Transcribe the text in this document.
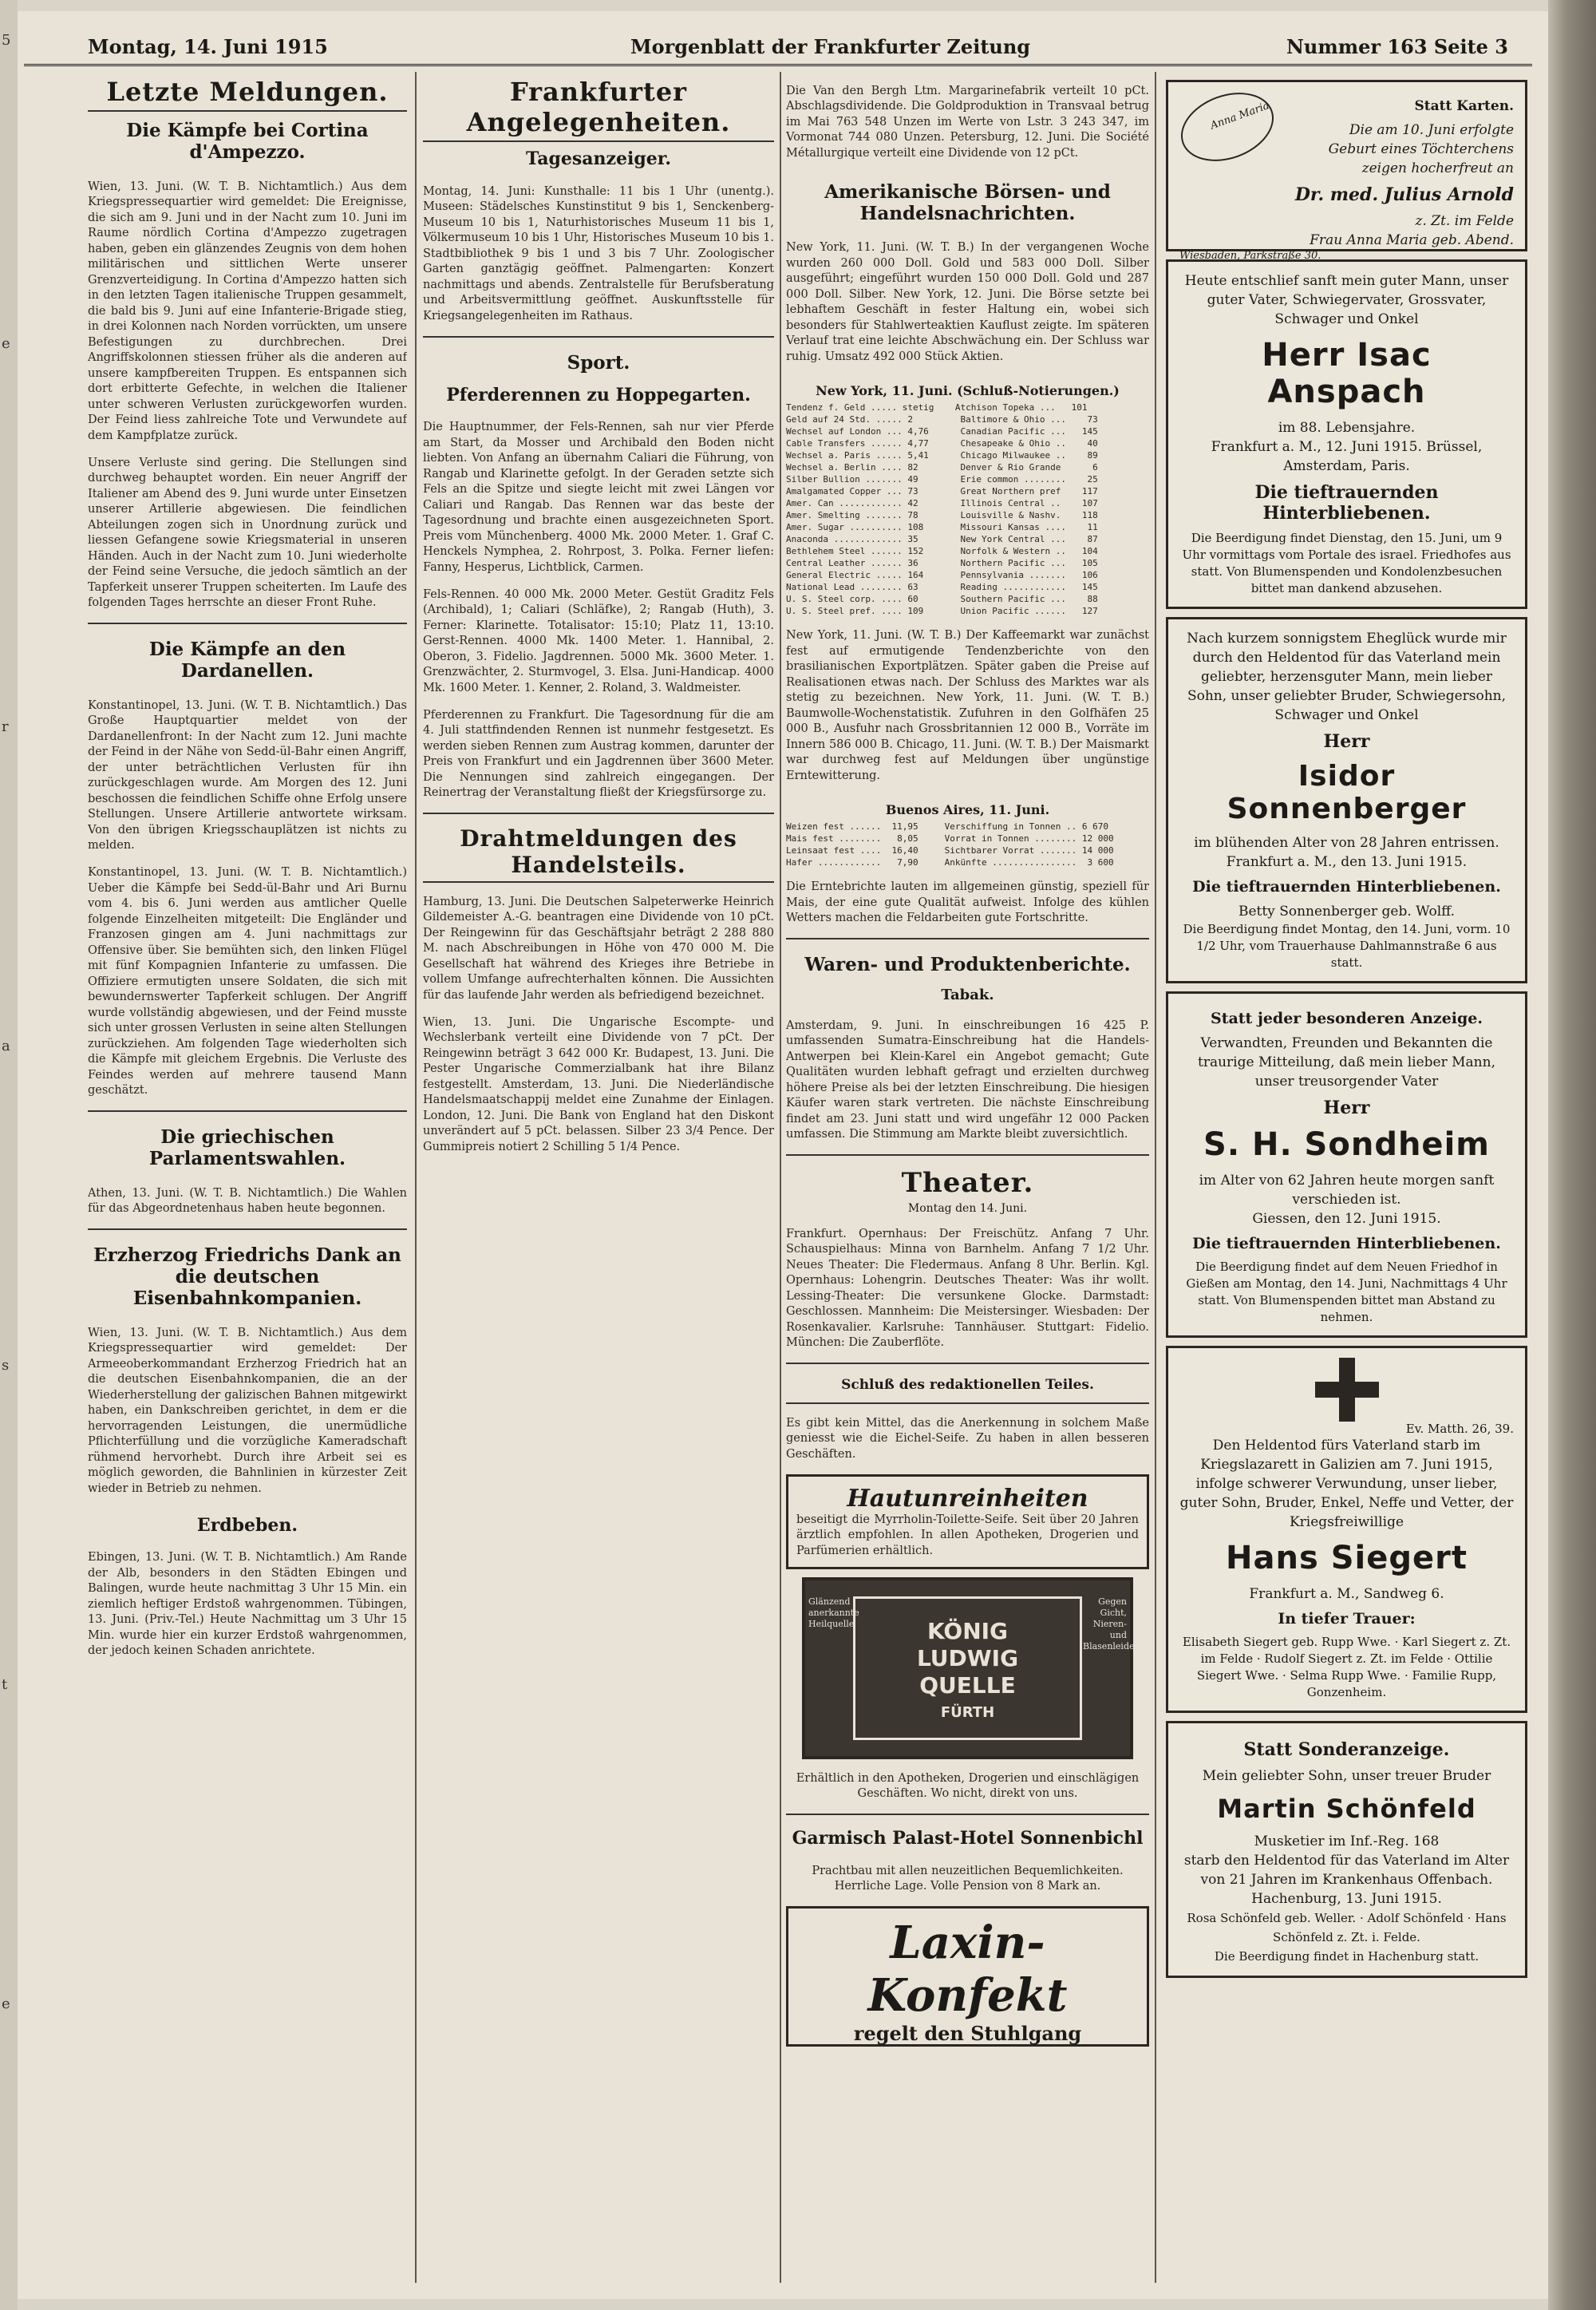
5
e
r
a
s
t
e
Montag, 14. Juni 1915	Morgenblatt der Frankfurter Zeitung	Nummer 163 Seite 3
Letzte Meldungen.
Die Kämpfe bei Cortina d'Ampezzo.

Wien, 13. Juni. (W. T. B. Nichtamtlich.) Aus dem Kriegspressequartier wird gemeldet: Die Ereignisse, die sich am 9. Juni und in der Nacht zum 10. Juni im Raume nördlich Cortina d'Ampezzo zugetragen haben, geben ein glänzendes Zeugnis von dem hohen militärischen und sittlichen Werte unserer Grenzverteidigung. In Cortina d'Ampezzo hatten sich in den letzten Tagen italienische Truppen gesammelt, die bald bis 9. Juni auf eine Infanterie-Brigade stieg, in drei Kolonnen nach Norden vorrückten, um unsere Befestigungen zu durchbrechen. Drei Angriffskolonnen stiessen früher als die anderen auf unsere kampfbereiten Truppen. Es entspannen sich dort erbitterte Gefechte, in welchen die Italiener unter schweren Verlusten zurückgeworfen wurden. Der Feind liess zahlreiche Tote und Verwundete auf dem Kampfplatze zurück.

Unsere Verluste sind gering. Die Stellungen sind durchweg behauptet worden. Ein neuer Angriff der Italiener am Abend des 9. Juni wurde unter Einsetzen unserer Artillerie abgewiesen. Die feindlichen Abteilungen zogen sich in Unordnung zurück und liessen Gefangene sowie Kriegsmaterial in unseren Händen. Auch in der Nacht zum 10. Juni wiederholte der Feind seine Versuche, die jedoch sämtlich an der Tapferkeit unserer Truppen scheiterten. Im Laufe des folgenden Tages herrschte an dieser Front Ruhe.

Die Kämpfe an den Dardanellen.

Konstantinopel, 13. Juni. (W. T. B. Nichtamtlich.) Das Große Hauptquartier meldet von der Dardanellenfront: In der Nacht zum 12. Juni machte der Feind in der Nähe von Sedd-ül-Bahr einen Angriff, der unter beträchtlichen Verlusten für ihn zurückgeschlagen wurde. Am Morgen des 12. Juni beschossen die feindlichen Schiffe ohne Erfolg unsere Stellungen. Unsere Artillerie antwortete wirksam. Von den übrigen Kriegsschauplätzen ist nichts zu melden.

Konstantinopel, 13. Juni. (W. T. B. Nichtamtlich.) Ueber die Kämpfe bei Sedd-ül-Bahr und Ari Burnu vom 4. bis 6. Juni werden aus amtlicher Quelle folgende Einzelheiten mitgeteilt: Die Engländer und Franzosen gingen am 4. Juni nachmittags zur Offensive über. Sie bemühten sich, den linken Flügel mit fünf Kompagnien Infanterie zu umfassen. Die Offiziere ermutigten unsere Soldaten, die sich mit bewundernswerter Tapferkeit schlugen. Der Angriff wurde vollständig abgewiesen, und der Feind musste sich unter grossen Verlusten in seine alten Stellungen zurückziehen. Am folgenden Tage wiederholten sich die Kämpfe mit gleichem Ergebnis. Die Verluste des Feindes werden auf mehrere tausend Mann geschätzt.

Die griechischen Parlamentswahlen.

Athen, 13. Juni. (W. T. B. Nichtamtlich.) Die Wahlen für das Abgeordnetenhaus haben heute begonnen.

Erzherzog Friedrichs Dank an die deutschen Eisenbahnkompanien.

Wien, 13. Juni. (W. T. B. Nichtamtlich.) Aus dem Kriegspressequartier wird gemeldet: Der Armeeoberkommandant Erzherzog Friedrich hat an die deutschen Eisenbahnkompanien, die an der Wiederherstellung der galizischen Bahnen mitgewirkt haben, ein Dankschreiben gerichtet, in dem er die hervorragenden Leistungen, die unermüdliche Pflichterfüllung und die vorzügliche Kameradschaft rühmend hervorhebt. Durch ihre Arbeit sei es möglich geworden, die Bahnlinien in kürzester Zeit wieder in Betrieb zu nehmen.

Erdbeben.

Ebingen, 13. Juni. (W. T. B. Nichtamtlich.) Am Rande der Alb, besonders in den Städten Ebingen und Balingen, wurde heute nachmittag 3 Uhr 15 Min. ein ziemlich heftiger Erdstoß wahrgenommen. Tübingen, 13. Juni. (Priv.-Tel.) Heute Nachmittag um 3 Uhr 15 Min. wurde hier ein kurzer Erdstoß wahrgenommen, der jedoch keinen Schaden anrichtete.

Frankfurter Angelegenheiten.
Tagesanzeiger.

Montag, 14. Juni: Kunsthalle: 11 bis 1 Uhr (unentg.). Museen: Städelsches Kunstinstitut 9 bis 1, Senckenberg-Museum 10 bis 1, Naturhistorisches Museum 11 bis 1, Völkermuseum 10 bis 1 Uhr, Historisches Museum 10 bis 1. Stadtbibliothek 9 bis 1 und 3 bis 7 Uhr. Zoologischer Garten ganztägig geöffnet. Palmengarten: Konzert nachmittags und abends. Zentralstelle für Berufsberatung und Arbeitsvermittlung geöffnet. Auskunftsstelle für Kriegsangelegenheiten im Rathaus.

Sport.
Pferderennen zu Hoppegarten.

Die Hauptnummer, der Fels-Rennen, sah nur vier Pferde am Start, da Mosser und Archibald den Boden nicht liebten. Von Anfang an übernahm Caliari die Führung, von Rangab und Klarinette gefolgt. In der Geraden setzte sich Fels an die Spitze und siegte leicht mit zwei Längen vor Caliari und Rangab. Das Rennen war das beste der Tagesordnung und brachte einen ausgezeichneten Sport. Preis vom Münchenberg. 4000 Mk. 2000 Meter. 1. Graf C. Henckels Nymphea, 2. Rohrpost, 3. Polka. Ferner liefen: Fanny, Hesperus, Lichtblick, Carmen.

Fels-Rennen. 40 000 Mk. 2000 Meter. Gestüt Graditz Fels (Archibald), 1; Caliari (Schläfke), 2; Rangab (Huth), 3. Ferner: Klarinette. Totalisator: 15:10; Platz 11, 13:10. Gerst-Rennen. 4000 Mk. 1400 Meter. 1. Hannibal, 2. Oberon, 3. Fidelio. Jagdrennen. 5000 Mk. 3600 Meter. 1. Grenzwächter, 2. Sturmvogel, 3. Elsa. Juni-Handicap. 4000 Mk. 1600 Meter. 1. Kenner, 2. Roland, 3. Waldmeister.

Pferderennen zu Frankfurt. Die Tagesordnung für die am 4. Juli stattfindenden Rennen ist nunmehr festgesetzt. Es werden sieben Rennen zum Austrag kommen, darunter der Preis von Frankfurt und ein Jagdrennen über 3600 Meter. Die Nennungen sind zahlreich eingegangen. Der Reinertrag der Veranstaltung fließt der Kriegsfürsorge zu.

Drahtmeldungen des Handelsteils.

Hamburg, 13. Juni. Die Deutschen Salpeterwerke Heinrich Gildemeister A.-G. beantragen eine Dividende von 10 pCt. Der Reingewinn für das Geschäftsjahr beträgt 2 288 880 M. nach Abschreibungen in Höhe von 470 000 M. Die Gesellschaft hat während des Krieges ihre Betriebe in vollem Umfange aufrechterhalten können. Die Aussichten für das laufende Jahr werden als befriedigend bezeichnet.

Wien, 13. Juni. Die Ungarische Escompte- und Wechslerbank verteilt eine Dividende von 7 pCt. Der Reingewinn beträgt 3 642 000 Kr. Budapest, 13. Juni. Die Pester Ungarische Commerzialbank hat ihre Bilanz festgestellt. Amsterdam, 13. Juni. Die Niederländische Handelsmaatschappij meldet eine Zunahme der Einlagen. London, 12. Juni. Die Bank von England hat den Diskont unverändert auf 5 pCt. belassen. Silber 23 3/4 Pence. Der Gummipreis notiert 2 Schilling 5 1/4 Pence.

Die Van den Bergh Ltm. Margarinefabrik verteilt 10 pCt. Abschlagsdividende. Die Goldproduktion in Transvaal betrug im Mai 763 548 Unzen im Werte von Lstr. 3 243 347, im Vormonat 744 080 Unzen. Petersburg, 12. Juni. Die Société Métallurgique verteilt eine Dividende von 12 pCt.

Amerikanische Börsen- und Handelsnachrichten.

New York, 11. Juni. (W. T. B.) In der vergangenen Woche wurden 260 000 Doll. Gold und 583 000 Doll. Silber ausgeführt; eingeführt wurden 150 000 Doll. Gold und 287 000 Doll. Silber. New York, 12. Juni. Die Börse setzte bei lebhaftem Geschäft in fester Haltung ein, wobei sich besonders für Stahlwerteaktien Kauflust zeigte. Im späteren Verlauf trat eine leichte Abschwächung ein. Der Schluss war ruhig. Umsatz 492 000 Stück Aktien.

New York, 11. Juni. (Schluß-Notierungen.)
Tendenz f. Geld ..... stetig    Atchison Topeka ...   101
Geld auf 24 Std. ..... 2         Baltimore & Ohio ...    73
Wechsel auf London ... 4,76      Canadian Pacific ...   145
Cable Transfers ...... 4,77      Chesapeake & Ohio ..    40
Wechsel a. Paris ..... 5,41      Chicago Milwaukee ..    89
Wechsel a. Berlin .... 82        Denver & Rio Grande      6
Silber Bullion ....... 49        Erie common ........    25
Amalgamated Copper ... 73        Great Northern pref    117
Amer. Can ............ 42        Illinois Central ..    107
Amer. Smelting ....... 78        Louisville & Nashv.    118
Amer. Sugar .......... 108       Missouri Kansas ....    11
Anaconda ............. 35        New York Central ...    87
Bethlehem Steel ...... 152       Norfolk & Western ..   104
Central Leather ...... 36        Northern Pacific ...   105
General Electric ..... 164       Pennsylvania .......   106
National Lead ........ 63        Reading ............   145
U. S. Steel corp. .... 60        Southern Pacific ...    88
U. S. Steel pref. .... 109       Union Pacific ......   127

New York, 11. Juni. (W. T. B.) Der Kaffeemarkt war zunächst fest auf ermutigende Tendenzberichte von den brasilianischen Exportplätzen. Später gaben die Preise auf Realisationen etwas nach. Der Schluss des Marktes war als stetig zu bezeichnen. New York, 11. Juni. (W. T. B.) Baumwolle-Wochenstatistik. Zufuhren in den Golfhäfen 25 000 B., Ausfuhr nach Grossbritannien 12 000 B., Vorräte im Innern 586 000 B. Chicago, 11. Juni. (W. T. B.) Der Maismarkt war durchweg fest auf Meldungen über ungünstige Erntewitterung.

Buenos Aires, 11. Juni.
Weizen fest ......  11,95     Verschiffung in Tonnen .. 6 670
Mais fest ........   8,05     Vorrat in Tonnen ........ 12 000
Leinsaat fest ....  16,40     Sichtbarer Vorrat ....... 14 000
Hafer ............   7,90     Ankünfte ................  3 600

Die Erntebrichte lauten im allgemeinen günstig, speziell für Mais, der eine gute Qualität aufweist. Infolge des kühlen Wetters machen die Feldarbeiten gute Fortschritte.

Waren- und Produktenberichte.
Tabak.

Amsterdam, 9. Juni. In einschreibungen 16 425 P. umfassenden Sumatra-Einschreibung hat die Handels-Antwerpen bei Klein-Karel ein Angebot gemacht; Gute Qualitäten wurden lebhaft gefragt und erzielten durchweg höhere Preise als bei der letzten Einschreibung. Die hiesigen Käufer waren stark vertreten. Die nächste Einschreibung findet am 23. Juni statt und wird ungefähr 12 000 Packen umfassen. Die Stimmung am Markte bleibt zuversichtlich.

Theater.
Montag den 14. Juni.

Frankfurt. Opernhaus: Der Freischütz. Anfang 7 Uhr. Schauspielhaus: Minna von Barnhelm. Anfang 7 1/2 Uhr. Neues Theater: Die Fledermaus. Anfang 8 Uhr. Berlin. Kgl. Opernhaus: Lohengrin. Deutsches Theater: Was ihr wollt. Lessing-Theater: Die versunkene Glocke. Darmstadt: Geschlossen. Mannheim: Die Meistersinger. Wiesbaden: Der Rosenkavalier. Karlsruhe: Tannhäuser. Stuttgart: Fidelio. München: Die Zauberflöte.

Schluß des redaktionellen Teiles.

Es gibt kein Mittel, das die Anerkennung in solchem Maße geniesst wie die Eichel-Seife. Zu haben in allen besseren Geschäften.

Hautunreinheiten
beseitigt die Myrrholin-Toilette-Seife. Seit über 20 Jahren ärztlich empfohlen. In allen Apotheken, Drogerien und Parfümerien erhältlich.
Glänzend anerkannte Heilquelle	KÖNIG
LUDWIG
QUELLE
FÜRTH
Gegen Gicht, Nieren- und Blasenleiden

Erhältlich in den Apotheken, Drogerien und einschlägigen Geschäften. Wo nicht, direkt von uns.

Garmisch Palast-Hotel Sonnenbichl

Prachtbau mit allen neuzeitlichen Bequemlichkeiten. Herrliche Lage. Volle Pension von 8 Mark an.

Laxin-Konfekt
regelt den Stuhlgang
Anna Maria	Statt Karten.
Die am 10. Juni erfolgte Geburt eines Töchterchens zeigen hocherfreut an
Dr. med. Julius Arnold
z. Zt. im Felde
Frau Anna Maria geb. Abend.
Wiesbaden, Parkstraße 30.
Heute entschlief sanft mein guter Mann, unser guter Vater, Schwiegervater, Grossvater, Schwager und Onkel
Herr Isac Anspach
im 88. Lebensjahre.
Frankfurt a. M., 12. Juni 1915. Brüssel, Amsterdam, Paris.
Die tieftrauernden Hinterbliebenen.
Die Beerdigung findet Dienstag, den 15. Juni, um 9 Uhr vormittags vom Portale des israel. Friedhofes aus statt. Von Blumenspenden und Kondolenzbesuchen bittet man dankend abzusehen.
Nach kurzem sonnigstem Eheglück wurde mir durch den Heldentod für das Vaterland mein geliebter, herzensguter Mann, mein lieber Sohn, unser geliebter Bruder, Schwiegersohn, Schwager und Onkel
Herr
Isidor Sonnenberger
im blühenden Alter von 28 Jahren entrissen.
Frankfurt a. M., den 13. Juni 1915.
Die tieftrauernden Hinterbliebenen.
Betty Sonnenberger geb. Wolff.
Die Beerdigung findet Montag, den 14. Juni, vorm. 10 1/2 Uhr, vom Trauerhause Dahlmannstraße 6 aus statt.
Statt jeder besonderen Anzeige.
Verwandten, Freunden und Bekannten die traurige Mitteilung, daß mein lieber Mann, unser treusorgender Vater
Herr
S. H. Sondheim
im Alter von 62 Jahren heute morgen sanft verschieden ist.
Giessen, den 12. Juni 1915.
Die tieftrauernden Hinterbliebenen.
Die Beerdigung findet auf dem Neuen Friedhof in Gießen am Montag, den 14. Juni, Nachmittags 4 Uhr statt. Von Blumenspenden bittet man Abstand zu nehmen.
Ev. Matth. 26, 39.
Den Heldentod fürs Vaterland starb im Kriegslazarett in Galizien am 7. Juni 1915, infolge schwerer Verwundung, unser lieber, guter Sohn, Bruder, Enkel, Neffe und Vetter, der Kriegsfreiwillige
Hans Siegert
Frankfurt a. M., Sandweg 6.
In tiefer Trauer:
Elisabeth Siegert geb. Rupp Wwe. · Karl Siegert z. Zt. im Felde · Rudolf Siegert z. Zt. im Felde · Ottilie Siegert Wwe. · Selma Rupp Wwe. · Familie Rupp, Gonzenheim.
Statt Sonderanzeige.
Mein geliebter Sohn, unser treuer Bruder
Martin Schönfeld
Musketier im Inf.-Reg. 168
starb den Heldentod für das Vaterland im Alter von 21 Jahren im Krankenhaus Offenbach.
Hachenburg, 13. Juni 1915.
Rosa Schönfeld geb. Weller. · Adolf Schönfeld · Hans Schönfeld z. Zt. i. Felde.
Die Beerdigung findet in Hachenburg statt.
